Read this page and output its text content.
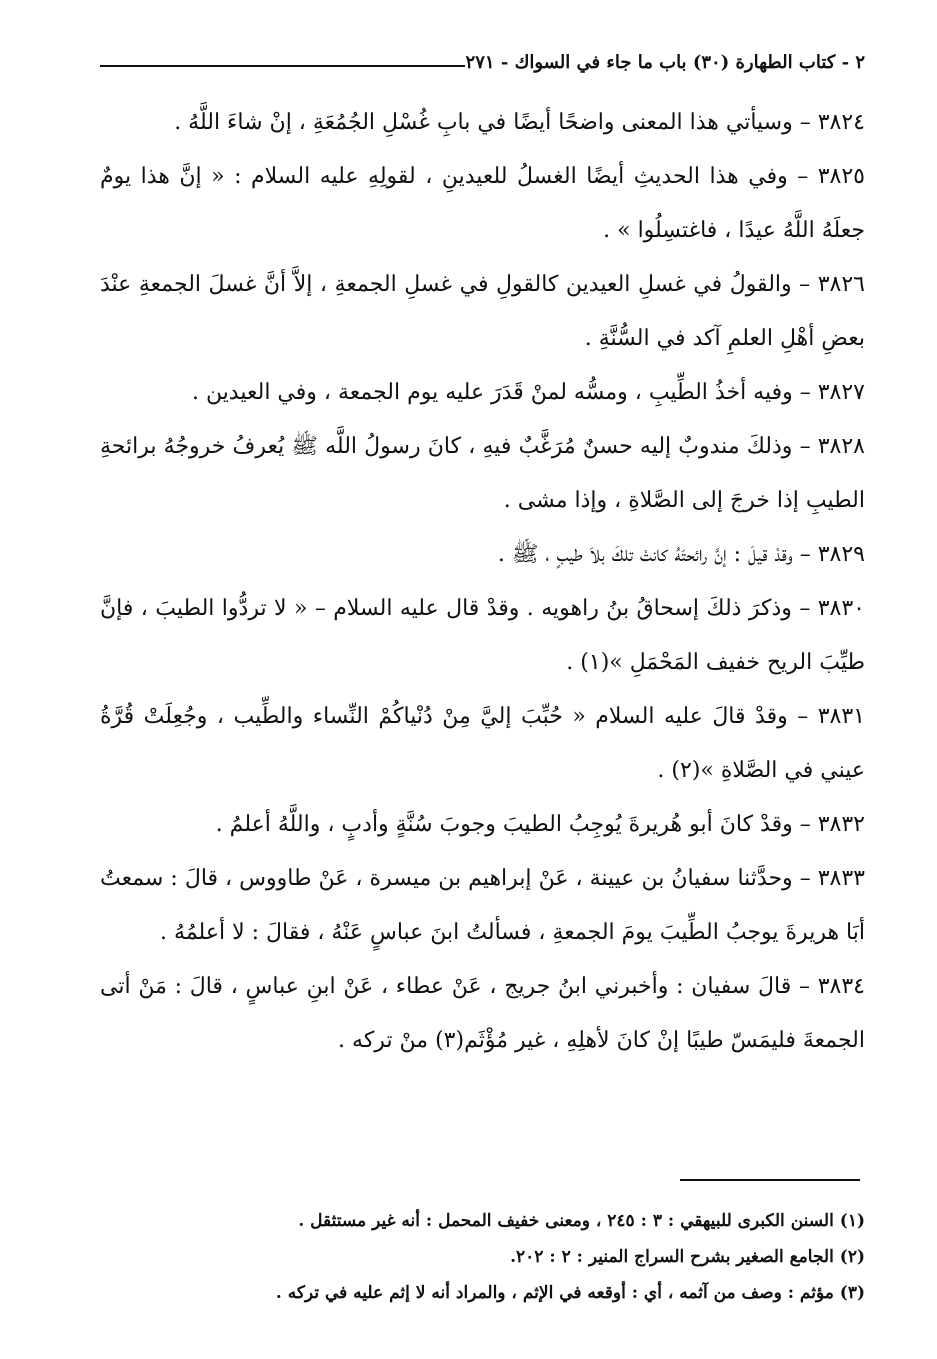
٢ - كتاب الطهارة (٣٠) باب ما جاء في السواك - ٢٧١

٣٨٢٤ – وسيأتي هذا المعنى واضحًا أيضًا في بابِ غُسْلِ الجُمُعَةِ ، إنْ شاءَ اللَّهُ .

٣٨٢٥ – وفي هذا الحديثِ أيضًا الغسلُ للعيدينِ ، لقولِهِ عليه السلام : « إنَّ هذا يومٌ جعلَهُ اللَّهُ عيدًا ، فاغتسِلُوا » .

٣٨٢٦ – والقولُ في غسلِ العيدين كالقولِ في غسلِ الجمعةِ ، إلاَّ أنَّ غسلَ الجمعةِ عنْدَ بعضِ أهْلِ العلمِ آكد في السُّنَّةِ .

٣٨٢٧ – وفيه أخذُ الطِّيبِ ، ومسُّه لمنْ قَدَرَ عليه يوم الجمعة ، وفي العيدين .

٣٨٢٨ – وذلكَ مندوبٌ إليه حسنٌ مُرَغَّبٌ فيهِ ، كانَ رسولُ اللَّه ﷺ يُعرفُ خروجُهُ برائحةِ الطيبِ إذا خرجَ إلى الصَّلاةِ ، وإذا مشى .

٣٨٢٩ – وقدْ قيلَ : إنَّ رائحتَهُ كانتْ تلكَ بلاَ طيبٍ ، ﷺ .

٣٨٣٠ – وذكرَ ذلكَ إسحاقُ بنُ راهويه . وقدْ قال عليه السلام – « لا تردُّوا الطيبَ ، فإنَّ طيِّبَ الريح خفيف المَحْمَلِ »(١) .

٣٨٣١ – وقدْ قالَ عليه السلام « حُبِّبَ إليَّ مِنْ دُنْياكُمْ النِّساء والطِّيب ، وجُعِلَتْ قُرَّةُ عيني في الصَّلاةِ »(٢) .

٣٨٣٢ – وقدْ كانَ أبو هُريرةَ يُوجِبُ الطيبَ وجوبَ سُنَّةٍ وأدبٍ ، واللَّهُ أعلمُ .

٣٨٣٣ – وحدَّثنا سفيانُ بن عيينة ، عَنْ إبراهيم بن ميسرة ، عَنْ طاووس ، قالَ : سمعتُ أبَا هريرةَ يوجبُ الطِّيبَ يومَ الجمعةِ ، فسألتُ ابنَ عباسٍ عَنْهُ ، فقالَ : لا أعلمُهُ .

٣٨٣٤ – قالَ سفيان : وأخبرني ابنُ جريج ، عَنْ عطاء ، عَنْ ابنِ عباسٍ ، قالَ : مَنْ أتى الجمعةَ فليمَسّ طيبًا إنْ كانَ لأهلِهِ ، غير مُؤْثَم(٣) منْ تركه .

(١) السنن الكبرى للبيهقي : ٣ : ٢٤٥ ، ومعنى خفيف المحمل : أنه غير مستثقل .

(٢) الجامع الصغير بشرح السراج المنير : ٢ : ٢٠٢.

(٣) مؤثم : وصف من آثمه ، أي : أوقعه في الإثم ، والمراد أنه لا إثم عليه في تركه .
